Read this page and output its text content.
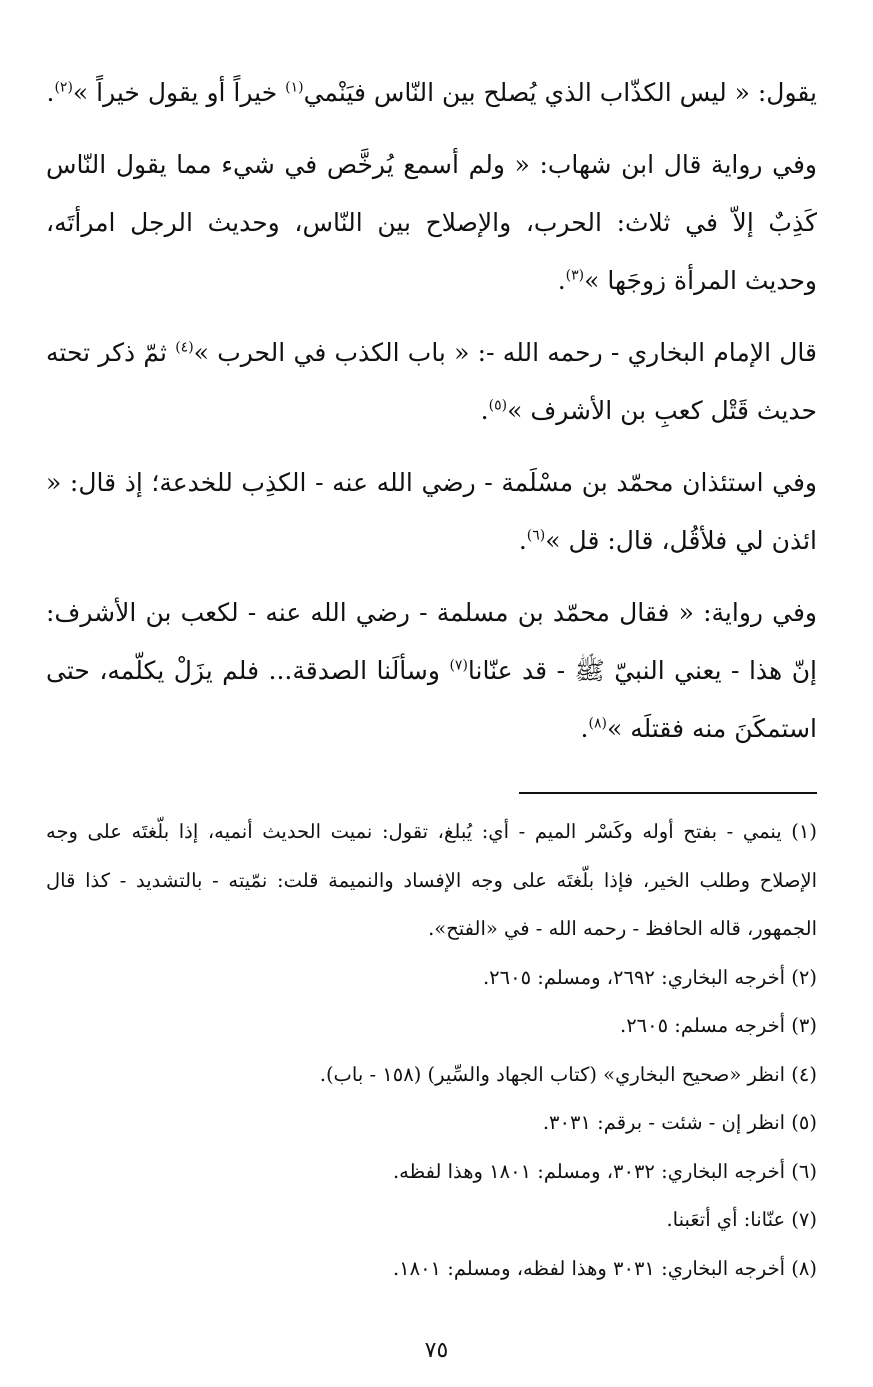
يقول: « ليس الكذّاب الذي يُصلح بين النّاس فيَنْمي$^{(١)}$ خيراً أو يقول خيراً »$^{(٢)}$.

وفي رواية قال ابن شهاب: « ولم أسمع يُرخَّص في شيء مما يقول النّاس كَذِبٌ إلاّ في ثلاث: الحرب، والإصلاح بين النّاس، وحديث الرجل امرأتَه، وحديث المرأة زوجَها »$^{(٣)}$.

قال الإمام البخاري - رحمه الله -: « باب الكذب في الحرب »$^{(٤)}$ ثمّ ذكر تحته حديث قَتْل كعبِ بن الأشرف »$^{(٥)}$.

وفي استئذان محمّد بن مسْلَمة - رضي الله عنه - الكذِب للخدعة؛ إذ قال: « ائذن لي فلأقُل، قال: قل »$^{(٦)}$.

وفي رواية: « فقال محمّد بن مسلمة - رضي الله عنه - لكعب بن الأشرف: إنّ هذا - يعني النبيّ ﷺ - قد عنّانا$^{(٧)}$ وسألَنا الصدقة... فلم يزَلْ يكلّمه، حتى استمكَنَ منه فقتلَه »$^{(٨)}$.

(١) ينمي - بفتح أوله وكَسْر الميم - أي: يُبلغ، تقول: نميت الحديث أنميه، إذا بلّغتَه على وجه الإصلاح وطلب الخير، فإذا بلّغتَه على وجه الإفساد والنميمة قلت: نمّيته - بالتشديد - كذا قال الجمهور، قاله الحافظ - رحمه الله - في «الفتح».

(٢) أخرجه البخاري: ٢٦٩٢، ومسلم: ٢٦٠٥.

(٣) أخرجه مسلم: ٢٦٠٥.

(٤) انظر «صحيح البخاري» (كتاب الجهاد والسِّير) (١٥٨ - باب).

(٥) انظر إن - شئت - برقم: ٣٠٣١.

(٦) أخرجه البخاري: ٣٠٣٢، ومسلم: ١٨٠١ وهذا لفظه.

(٧) عنّانا: أي أتعَبنا.

(٨) أخرجه البخاري: ٣٠٣١ وهذا لفظه، ومسلم: ١٨٠١.

٧٥
